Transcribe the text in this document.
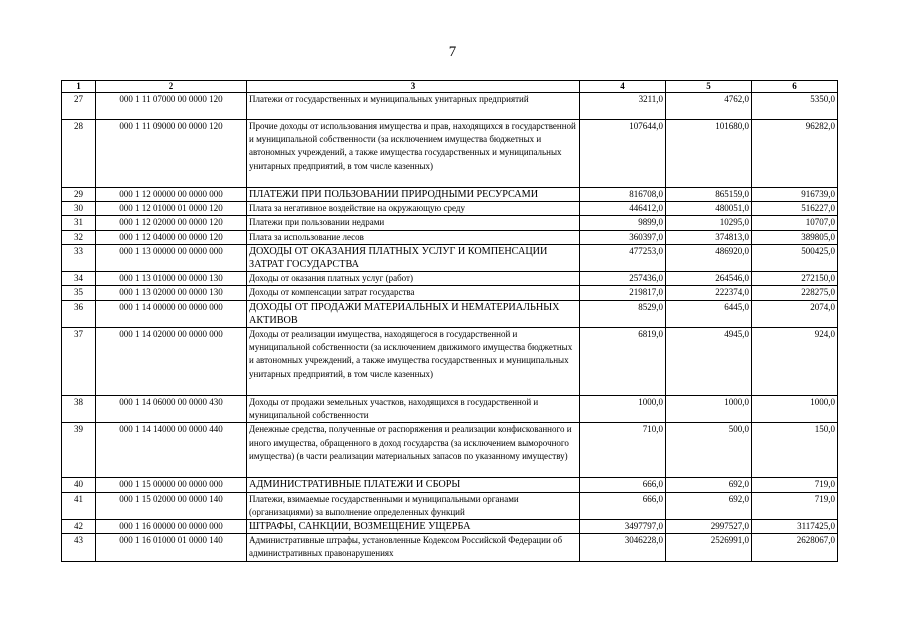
7
1	2	3	4	5	6
27	000 1 11 07000 00 0000 120	Платежи от государственных и муниципальных унитарных предприятий	3211,0	4762,0	5350,0
28	000 1 11 09000 00 0000 120	Прочие доходы от использования имущества и прав, находящихся в государственной и муниципальной собственности (за исключением имущества бюджетных и автономных учреждений, а также имущества государственных и муниципальных унитарных предприятий, в том числе казенных)	107644,0	101680,0	96282,0
29	000 1 12 00000 00 0000 000	ПЛАТЕЖИ ПРИ ПОЛЬЗОВАНИИ ПРИРОДНЫМИ РЕСУРСАМИ	816708,0	865159,0	916739,0
30	000 1 12 01000 01 0000 120	Плата за негативное воздействие на окружающую среду	446412,0	480051,0	516227,0
31	000 1 12 02000 00 0000 120	Платежи при пользовании недрами	9899,0	10295,0	10707,0
32	000 1 12 04000 00 0000 120	Плата за использование лесов	360397,0	374813,0	389805,0
33	000 1 13 00000 00 0000 000	ДОХОДЫ ОТ ОКАЗАНИЯ ПЛАТНЫХ УСЛУГ И КОМПЕНСАЦИИ ЗАТРАТ ГОСУДАРСТВА	477253,0	486920,0	500425,0
34	000 1 13 01000 00 0000 130	Доходы от оказания платных услуг (работ)	257436,0	264546,0	272150,0
35	000 1 13 02000 00 0000 130	Доходы от компенсации затрат государства	219817,0	222374,0	228275,0
36	000 1 14 00000 00 0000 000	ДОХОДЫ ОТ ПРОДАЖИ МАТЕРИАЛЬНЫХ И НЕМАТЕРИАЛЬНЫХ АКТИВОВ	8529,0	6445,0	2074,0
37	000 1 14 02000 00 0000 000	Доходы от реализации имущества, находящегося в государственной и муниципальной собственности (за исключением движимого имущества бюджетных и автономных учреждений, а также имущества государственных и муниципальных унитарных предприятий, в том числе казенных)	6819,0	4945,0	924,0
38	000 1 14 06000 00 0000 430	Доходы от продажи земельных участков, находящихся в государственной и муниципальной собственности	1000,0	1000,0	1000,0
39	000 1 14 14000 00 0000 440	Денежные средства, полученные от распоряжения и реализации конфискованного и иного имущества, обращенного в доход государства (за исключением выморочного имущества) (в части реализации материальных запасов по указанному имуществу)	710,0	500,0	150,0
40	000 1 15 00000 00 0000 000	АДМИНИСТРАТИВНЫЕ ПЛАТЕЖИ И СБОРЫ	666,0	692,0	719,0
41	000 1 15 02000 00 0000 140	Платежи, взимаемые государственными и муниципальными органами (организациями) за выполнение определенных функций	666,0	692,0	719,0
42	000 1 16 00000 00 0000 000	ШТРАФЫ, САНКЦИИ, ВОЗМЕЩЕНИЕ УЩЕРБА	3497797,0	2997527,0	3117425,0
43	000 1 16 01000 01 0000 140	Административные штрафы, установленные Кодексом Российской Федерации об административных правонарушениях	3046228,0	2526991,0	2628067,0
